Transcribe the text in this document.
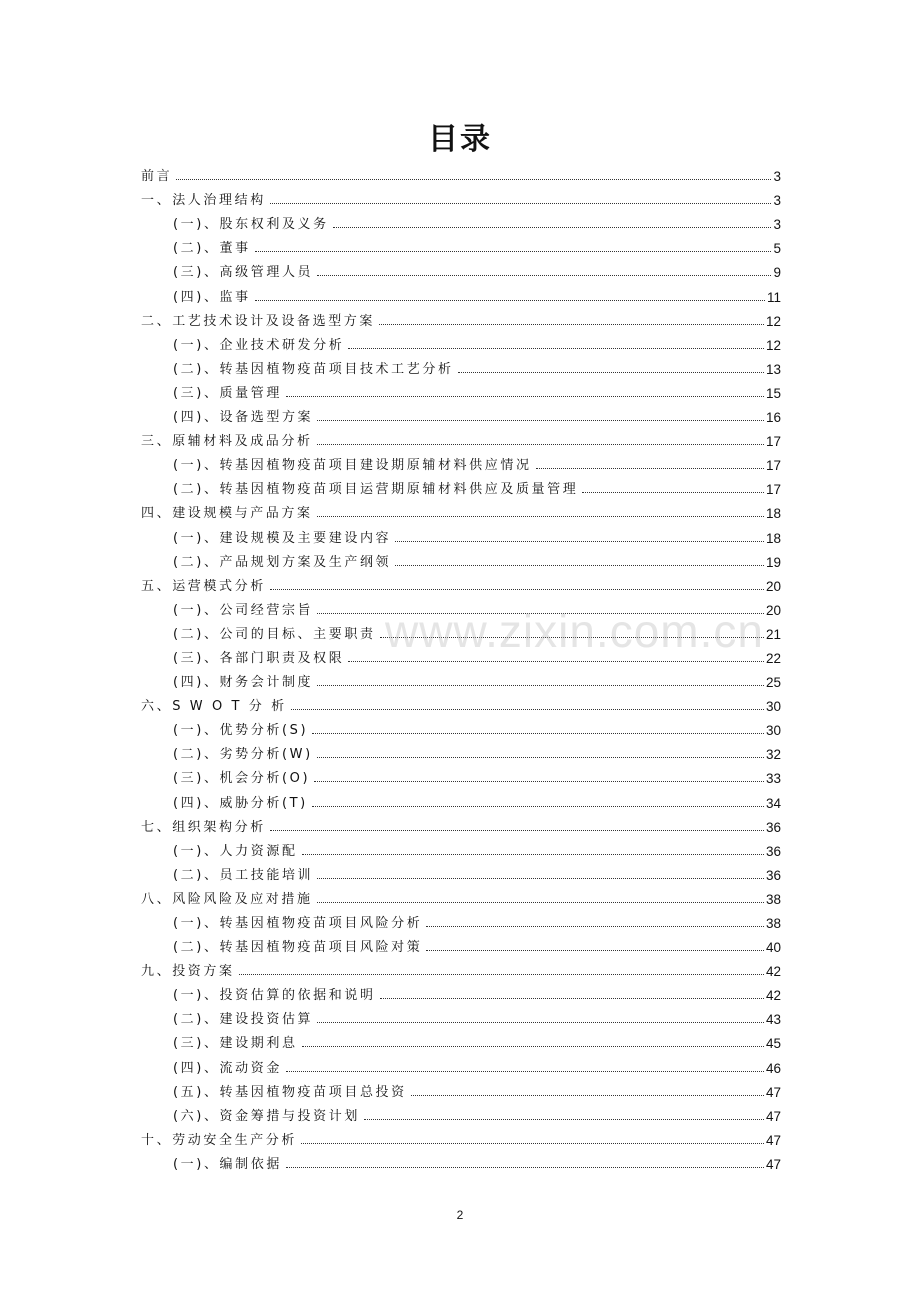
目录
前言	3
一、法人治理结构	3
(一)、股东权利及义务	3
(二)、董事	5
(三)、高级管理人员	9
(四)、监事	11
二、工艺技术设计及设备选型方案	12
(一)、企业技术研发分析	12
(二)、转基因植物疫苗项目技术工艺分析	13
(三)、质量管理	15
(四)、设备选型方案	16
三、原辅材料及成品分析	17
(一)、转基因植物疫苗项目建设期原辅材料供应情况	17
(二)、转基因植物疫苗项目运营期原辅材料供应及质量管理	17
四、建设规模与产品方案	18
(一)、建设规模及主要建设内容	18
(二)、产品规划方案及生产纲领	19
五、运营模式分析	20
(一)、公司经营宗旨	20
(二)、公司的目标、主要职责	21
(三)、各部门职责及权限	22
(四)、财务会计制度	25
六、S W O T 分 析	30
(一)、优势分析(S)	30
(二)、劣势分析(W)	32
(三)、机会分析(O)	33
(四)、威胁分析(T)	34
七、组织架构分析	36
(一)、人力资源配	36
(二)、员工技能培训	36
八、风险风险及应对措施	38
(一)、转基因植物疫苗项目风险分析	38
(二)、转基因植物疫苗项目风险对策	40
九、投资方案	42
(一)、投资估算的依据和说明	42
(二)、建设投资估算	43
(三)、建设期利息	45
(四)、流动资金	46
(五)、转基因植物疫苗项目总投资	47
(六)、资金筹措与投资计划	47
十、劳动安全生产分析	47
(一)、编制依据	47
www.zixin.com.cn
2
